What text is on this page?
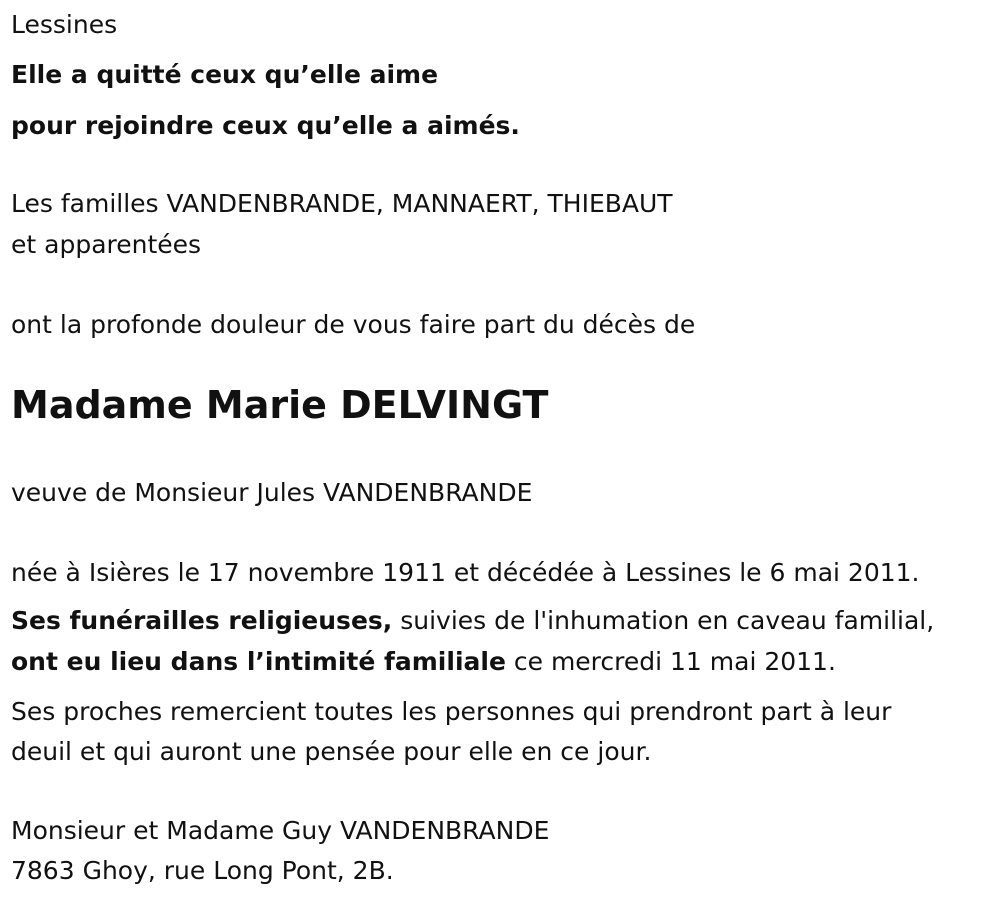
Lessines
Elle a quitté ceux qu’elle aime
pour rejoindre ceux qu’elle a aimés.
Les familles VANDENBRANDE, MANNAERT, THIEBAUT
et apparentées
ont la profonde douleur de vous faire part du décès de
Madame Marie DELVINGT
veuve de Monsieur Jules VANDENBRANDE
née à Isières le 17 novembre 1911 et décédée à Lessines le 6 mai 2011.
Ses funérailles religieuses, suivies de l'inhumation en caveau familial,
ont eu lieu dans l’intimité familiale ce mercredi 11 mai 2011.
Ses proches remercient toutes les personnes qui prendront part à leur
deuil et qui auront une pensée pour elle en ce jour.
Monsieur et Madame Guy VANDENBRANDE
7863 Ghoy, rue Long Pont, 2B.
